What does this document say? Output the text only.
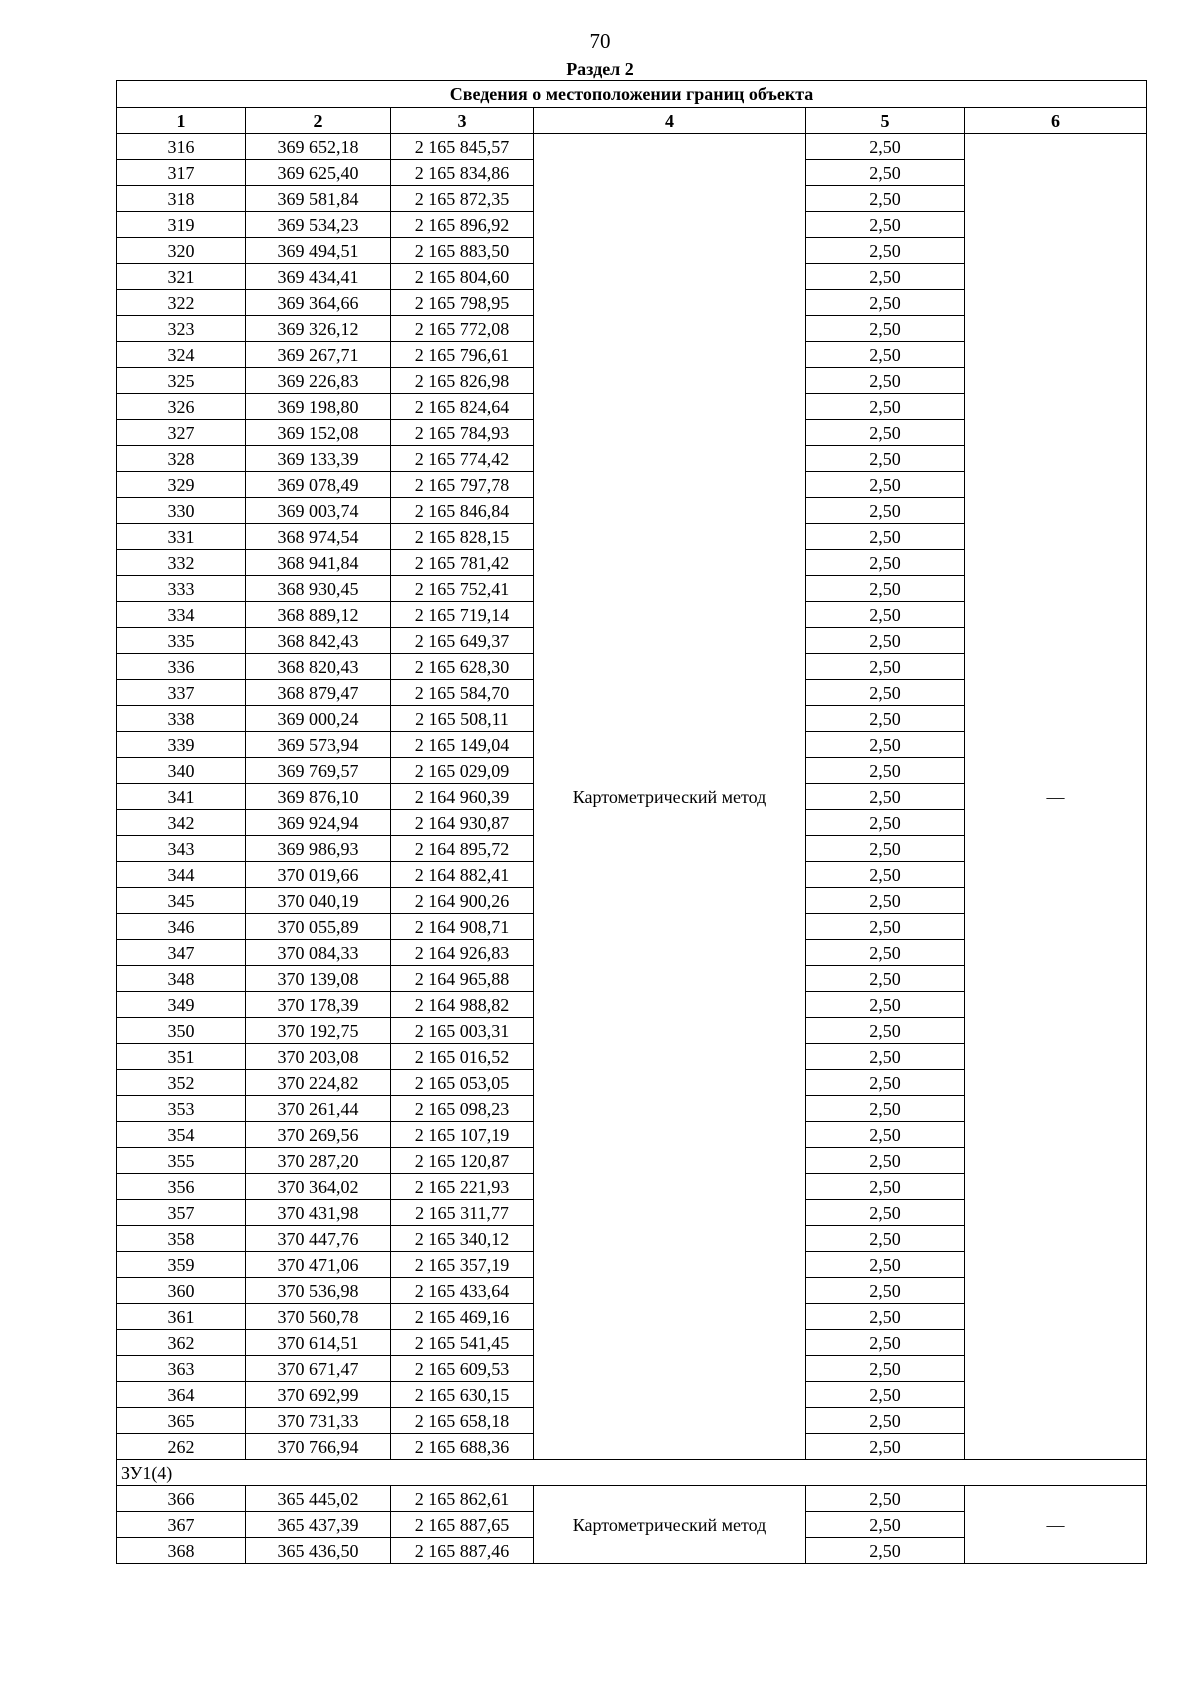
70
Раздел 2
Сведения о местоположении границ объекта					
1	2	3	4	5	6
316	369 652,18	2 165 845,57	Картометрический метод	2,50	—
317	369 625,40	2 165 834,86		2,50	
318	369 581,84	2 165 872,35		2,50	
319	369 534,23	2 165 896,92		2,50	
320	369 494,51	2 165 883,50		2,50	
321	369 434,41	2 165 804,60		2,50	
322	369 364,66	2 165 798,95		2,50	
323	369 326,12	2 165 772,08		2,50	
324	369 267,71	2 165 796,61		2,50	
325	369 226,83	2 165 826,98		2,50	
326	369 198,80	2 165 824,64		2,50	
327	369 152,08	2 165 784,93		2,50	
328	369 133,39	2 165 774,42		2,50	
329	369 078,49	2 165 797,78		2,50	
330	369 003,74	2 165 846,84		2,50	
331	368 974,54	2 165 828,15		2,50	
332	368 941,84	2 165 781,42		2,50	
333	368 930,45	2 165 752,41		2,50	
334	368 889,12	2 165 719,14		2,50	
335	368 842,43	2 165 649,37		2,50	
336	368 820,43	2 165 628,30		2,50	
337	368 879,47	2 165 584,70		2,50	
338	369 000,24	2 165 508,11		2,50	
339	369 573,94	2 165 149,04		2,50	
340	369 769,57	2 165 029,09		2,50	
341	369 876,10	2 164 960,39		2,50	
342	369 924,94	2 164 930,87		2,50	
343	369 986,93	2 164 895,72		2,50	
344	370 019,66	2 164 882,41		2,50	
345	370 040,19	2 164 900,26		2,50	
346	370 055,89	2 164 908,71		2,50	
347	370 084,33	2 164 926,83		2,50	
348	370 139,08	2 164 965,88		2,50	
349	370 178,39	2 164 988,82		2,50	
350	370 192,75	2 165 003,31		2,50	
351	370 203,08	2 165 016,52		2,50	
352	370 224,82	2 165 053,05		2,50	
353	370 261,44	2 165 098,23		2,50	
354	370 269,56	2 165 107,19		2,50	
355	370 287,20	2 165 120,87		2,50	
356	370 364,02	2 165 221,93		2,50	
357	370 431,98	2 165 311,77		2,50	
358	370 447,76	2 165 340,12		2,50	
359	370 471,06	2 165 357,19		2,50	
360	370 536,98	2 165 433,64		2,50	
361	370 560,78	2 165 469,16		2,50	
362	370 614,51	2 165 541,45		2,50	
363	370 671,47	2 165 609,53		2,50	
364	370 692,99	2 165 630,15		2,50	
365	370 731,33	2 165 658,18		2,50	
262	370 766,94	2 165 688,36		2,50	
ЗУ1(4)					
366	365 445,02	2 165 862,61	Картометрический метод	2,50	—
367	365 437,39	2 165 887,65		2,50	
368	365 436,50	2 165 887,46		2,50	
